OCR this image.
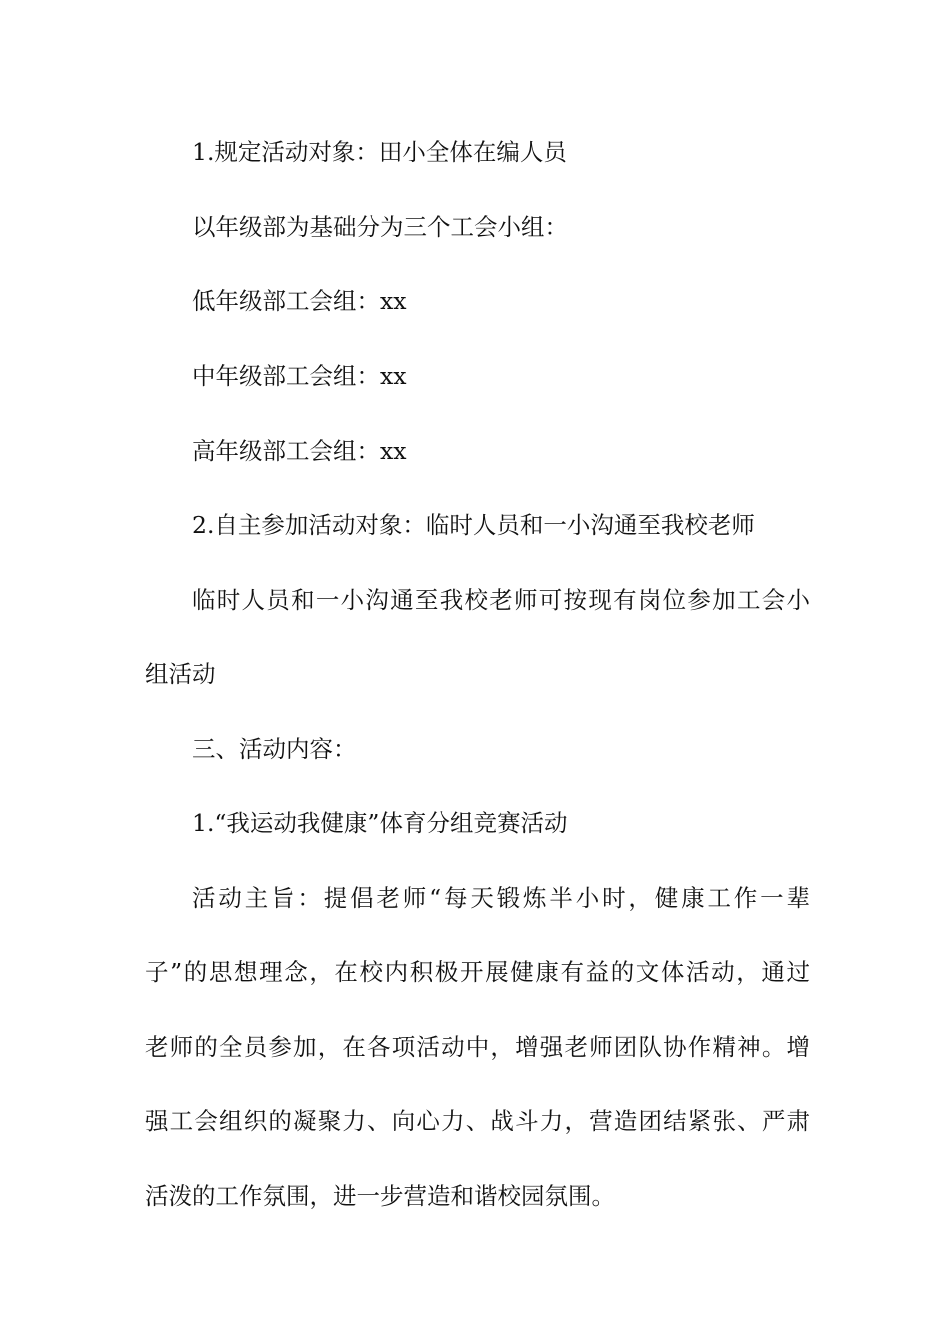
1.规定活动对象：田小全体在编人员
以年级部为基础分为三个工会小组：
低年级部工会组：xx
中年级部工会组：xx
高年级部工会组：xx
2.自主参加活动对象：临时人员和一小沟通至我校老师
临时人员和一小沟通至我校老师可按现有岗位参加工会小
组活动
三、活动内容：
1.“我运动我健康”体育分组竞赛活动
活动主旨：提倡老师“每天锻炼半小时，健康工作一辈
子”的思想理念，在校内积极开展健康有益的文体活动，通过
老师的全员参加，在各项活动中，增强老师团队协作精神。增
强工会组织的凝聚力、向心力、战斗力，营造团结紧张、严肃
活泼的工作氛围，进一步营造和谐校园氛围。
